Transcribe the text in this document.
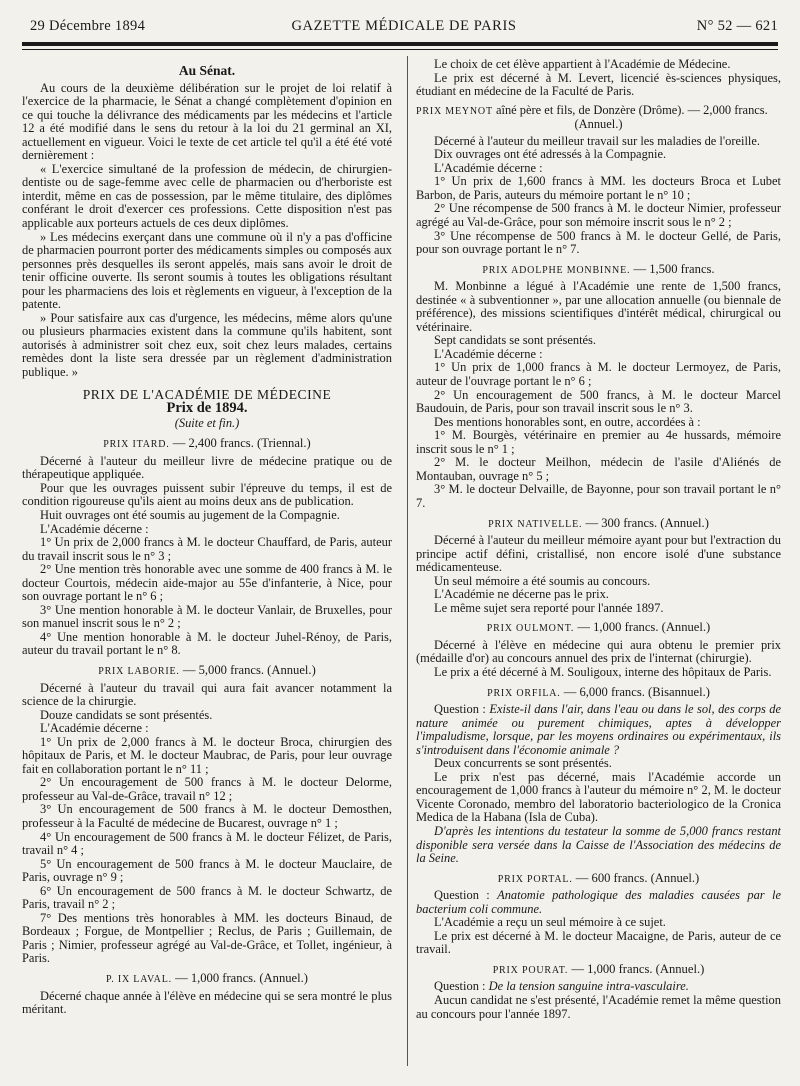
29 Décembre 1894	GAZETTE MÉDICALE DE PARIS	N° 52 — 621
Au Sénat.

Au cours de la deuxième délibération sur le projet de loi relatif à l'exercice de la pharmacie, le Sénat a changé complètement d'opinion en ce qui touche la délivrance des médicaments par les médecins et l'article 12 a été modifié dans le sens du retour à la loi du 21 germinal an XI, actuellement en vigueur. Voici le texte de cet article tel qu'il a été été voté dernièrement :

« L'exercice simultané de la profession de médecin, de chirurgien-dentiste ou de sage-femme avec celle de pharmacien ou d'herboriste est interdit, même en cas de possession, par le même titulaire, des diplômes conférant le droit d'exercer ces professions. Cette disposition n'est pas applicable aux porteurs actuels de ces deux diplômes.

» Les médecins exerçant dans une commune où il n'y a pas d'officine de pharmacien pourront porter des médicaments simples ou composés aux personnes près desquelles ils seront appelés, mais sans avoir le droit de tenir officine ouverte. Ils seront soumis à toutes les obligations résultant pour les pharmaciens des lois et règlements en vigueur, à l'exception de la patente.

» Pour satisfaire aux cas d'urgence, les médecins, même alors qu'une ou plusieurs pharmacies existent dans la commune qu'ils habitent, sont autorisés à administrer soit chez eux, soit chez leurs malades, certains remèdes dont la liste sera dressée par un règlement d'administration publique. »

PRIX DE L'ACADÉMIE DE MÉDECINE
Prix de 1894.
(Suite et fin.)
PRIX ITARD. — 2,400 francs. (Triennal.)

Décerné à l'auteur du meilleur livre de médecine pratique ou de thérapeutique appliquée.

Pour que les ouvrages puissent subir l'épreuve du temps, il est de condition rigoureuse qu'ils aient au moins deux ans de publication.

Huit ouvrages ont été soumis au jugement de la Compagnie.

L'Académie décerne :

1° Un prix de 2,000 francs à M. le docteur Chauffard, de Paris, auteur du travail inscrit sous le n° 3 ;

2° Une mention très honorable avec une somme de 400 francs à M. le docteur Courtois, médecin aide-major au 55e d'infanterie, à Nice, pour son ouvrage portant le n° 6 ;

3° Une mention honorable à M. le docteur Vanlair, de Bruxelles, pour son manuel inscrit sous le n° 2 ;

4° Une mention honorable à M. le docteur Juhel-Rénoy, de Paris, auteur du travail portant le n° 8.

PRIX LABORIE. — 5,000 francs. (Annuel.)

Décerné à l'auteur du travail qui aura fait avancer notamment la science de la chirurgie.

Douze candidats se sont présentés.

L'Académie décerne :

1° Un prix de 2,000 francs à M. le docteur Broca, chirurgien des hôpitaux de Paris, et M. le docteur Maubrac, de Paris, pour leur ouvrage fait en collaboration portant le n° 11 ;

2° Un encouragement de 500 francs à M. le docteur Delorme, professeur au Val-de-Grâce, travail n° 12 ;

3° Un encouragement de 500 francs à M. le docteur Demosthen, professeur à la Faculté de médecine de Bucarest, ouvrage n° 1 ;

4° Un encouragement de 500 francs à M. le docteur Félizet, de Paris, travail n° 4 ;

5° Un encouragement de 500 francs à M. le docteur Mauclaire, de Paris, ouvrage n° 9 ;

6° Un encouragement de 500 francs à M. le docteur Schwartz, de Paris, travail n° 2 ;

7° Des mentions très honorables à MM. les docteurs Binaud, de Bordeaux ; Forgue, de Montpellier ; Reclus, de Paris ; Guillemain, de Paris ; Nimier, professeur agrégé au Val-de-Grâce, et Tollet, ingénieur, à Paris.

P. IX LAVAL. — 1,000 francs. (Annuel.)

Décerné chaque année à l'élève en médecine qui se sera montré le plus méritant.

Le choix de cet élève appartient à l'Académie de Médecine.

Le prix est décerné à M. Levert, licencié ès-sciences physiques, étudiant en médecine de la Faculté de Paris.

PRIX MEYNOT aîné père et fils, de Donzère (Drôme). — 2,000 francs.

(Annuel.)

Décerné à l'auteur du meilleur travail sur les maladies de l'oreille.

Dix ouvrages ont été adressés à la Compagnie.

L'Académie décerne :

1° Un prix de 1,600 francs à MM. les docteurs Broca et Lubet Barbon, de Paris, auteurs du mémoire portant le n° 10 ;

2° Une récompense de 500 francs à M. le docteur Nimier, professeur agrégé au Val-de-Grâce, pour son mémoire inscrit sous le n° 2 ;

3° Une récompense de 500 francs à M. le docteur Gellé, de Paris, pour son ouvrage portant le n° 7.

PRIX ADOLPHE MONBINNE. — 1,500 francs.

M. Monbinne a légué à l'Académie une rente de 1,500 francs, destinée « à subventionner », par une allocation annuelle (ou biennale de préférence), des missions scientifiques d'intérêt médical, chirurgical ou vétérinaire.

Sept candidats se sont présentés.

L'Académie décerne :

1° Un prix de 1,000 francs à M. le docteur Lermoyez, de Paris, auteur de l'ouvrage portant le n° 6 ;

2° Un encouragement de 500 francs, à M. le docteur Marcel Baudouin, de Paris, pour son travail inscrit sous le n° 3.

Des mentions honorables sont, en outre, accordées à :

1° M. Bourgès, vétérinaire en premier au 4e hussards, mémoire inscrit sous le n° 1 ;

2° M. le docteur Meilhon, médecin de l'asile d'Aliénés de Montauban, ouvrage n° 5 ;

3° M. le docteur Delvaille, de Bayonne, pour son travail portant le n° 7.

PRIX NATIVELLE. — 300 francs. (Annuel.)

Décerné à l'auteur du meilleur mémoire ayant pour but l'extraction du principe actif défini, cristallisé, non encore isolé d'une substance médicamenteuse.

Un seul mémoire a été soumis au concours.

L'Académie ne décerne pas le prix.

Le même sujet sera reporté pour l'année 1897.

PRIX OULMONT. — 1,000 francs. (Annuel.)

Décerné à l'élève en médecine qui aura obtenu le premier prix (médaille d'or) au concours annuel des prix de l'internat (chirurgie).

Le prix a été décerné à M. Souligoux, interne des hôpitaux de Paris.

PRIX ORFILA. — 6,000 francs. (Bisannuel.)

Question : Existe-il dans l'air, dans l'eau ou dans le sol, des corps de nature animée ou purement chimiques, aptes à développer l'impaludisme, lorsque, par les moyens ordinaires ou expérimentaux, ils s'introduisent dans l'économie animale ?

Deux concurrents se sont présentés.

Le prix n'est pas décerné, mais l'Académie accorde un encouragement de 1,000 francs à l'auteur du mémoire n° 2, M. le docteur Vicente Coronado, membro del laboratorio bacteriologico de la Cronica Medica de la Habana (Isla de Cuba).

D'après les intentions du testateur la somme de 5,000 francs restant disponible sera versée dans la Caisse de l'Association des médecins de la Seine.

PRIX PORTAL. — 600 francs. (Annuel.)

Question : Anatomie pathologique des maladies causées par le bacterium coli commune.

L'Académie a reçu un seul mémoire à ce sujet.

Le prix est décerné à M. le docteur Macaigne, de Paris, auteur de ce travail.

PRIX POURAT. — 1,000 francs. (Annuel.)

Question : De la tension sanguine intra-vasculaire.

Aucun candidat ne s'est présenté, l'Académie remet la même question au concours pour l'année 1897.
